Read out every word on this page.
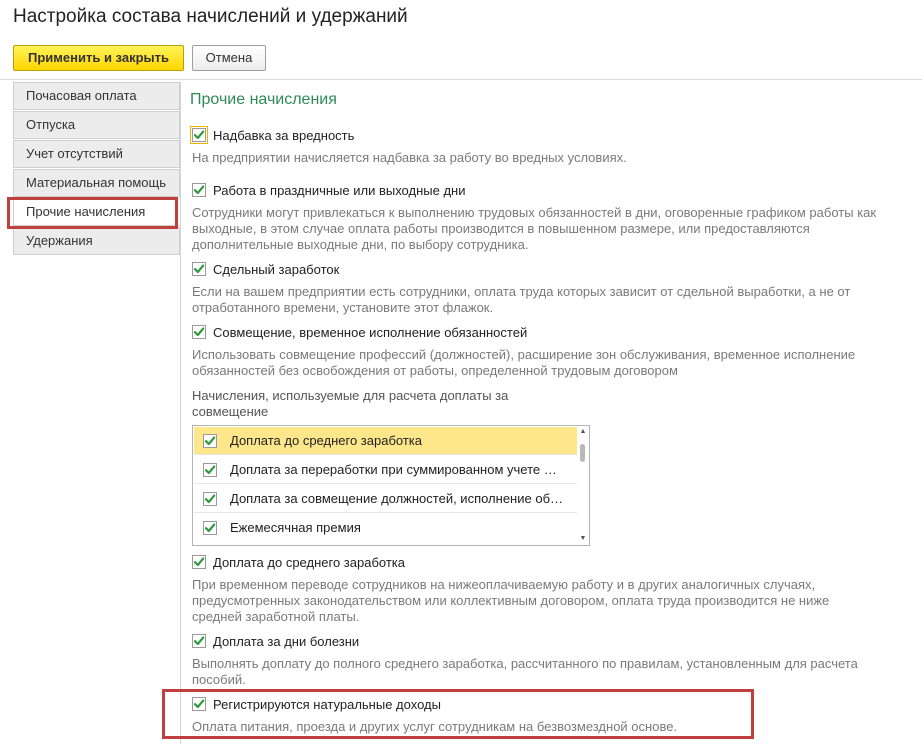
Настройка состава начислений и удержаний
Применить и закрыть	Отмена
Почасовая оплата
Отпуска
Учет отсутствий
Материальная помощь
Прочие начисления
Удержания
Прочие начисления
Надбавка за вредность
На предприятии начисляется надбавка за работу во вредных условиях.
Работа в праздничные или выходные дни
Сотрудники могут привлекаться к выполнению трудовых обязанностей в дни, оговоренные графиком работы как выходные, в этом случае оплата работы производится в повышенном размере, или предоставляются дополнительные выходные дни, по выбору сотрудника.
Сдельный заработок
Если на вашем предприятии есть сотрудники, оплата труда которых зависит от сдельной выработки, а не от отработанного времени, установите этот флажок.
Совмещение, временное исполнение обязанностей
Использовать совмещение профессий (должностей), расширение зон обслуживания, временное исполнение обязанностей без освобождения от работы, определенной трудовым договором
Начисления, используемые для расчета доплаты за совмещение
Доплата до среднего заработка
Доплата за переработки при суммированном учете …
Доплата за совмещение должностей, исполнение об…
Ежемесячная премия
▲
▼
Доплата до среднего заработка
При временном переводе сотрудников на нижеоплачиваемую работу и в других аналогичных случаях, предусмотренных законодательством или коллективным договором, оплата труда производится не ниже средней заработной платы.
Доплата за дни болезни
Выполнять доплату до полного среднего заработка, рассчитанного по правилам, установленным для расчета пособий.
Регистрируются натуральные доходы
Оплата питания, проезда и других услуг сотрудникам на безвозмездной основе.
